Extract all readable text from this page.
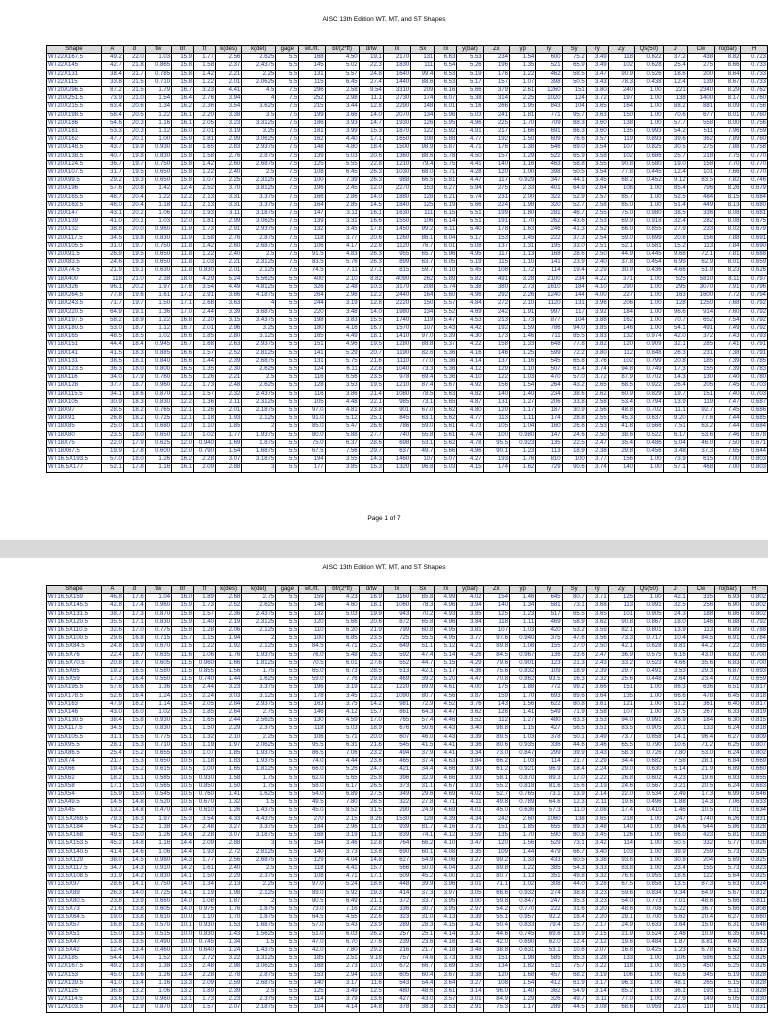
AISC 13th Edition WT, MT, and ST Shapes
Shape	A	d	tw	bf	tf	k(des)	k(det)	gage	wt./ft.	bf/(2*tf)	d/tw	Ix	Sx	rx	y(bar)	Zx	yp	Iy	Sy	ry	Zy	Qs(50)	J	Cw	ro(bar)	H
WT22X167.5	49.2	22.0	1.03	15.9	1.77	2.56	2.625	5.5	168	4.50	19.1	2170	131	6.63	5.53	234	1.54	600	75.2	3.49	118	0.822	37.2	438	8.82	0.723
WT22X145	42.7	21.8	0.865	15.8	1.58	2.37	2.4375	5.5	145	5.02	22.3	1830	111	6.54	5.26	196	1.35	521	65.9	3.49	102	0.628	25.4	275	8.66	0.733
WT22X131	38.4	21.7	0.785	15.8	1.42	2.21	2.25	5.5	131	5.57	24.8	1640	99.4	6.53	5.19	176	1.22	462	58.5	3.47	90.9	0.526	18.6	200	8.64	0.733
WT22X115	33.8	21.5	0.710	15.8	1.22	2.01	2.0625	5.5	115	6.45	27.4	1440	88.6	6.53	5.17	157	1.07	398	50.5	3.43	78.3	0.438	12.4	139	8.67	0.733
WT20X296.5	87.2	21.5	1.79	16.7	3.23	4.41	4.5	7.5	296	2.58	9.54	3310	209	6.16	5.66	379	2.61	1260	151	3.80	240	1.00	221	2340	8.29	0.762
WT20X251.5	73.9	21.0	1.54	16.4	2.76	3.94	4	7.5	252	2.98	11.1	2730	174	6.07	5.38	314	2.25	1020	124	3.72	197	1.00	138	1400	8.17	0.760
WT20X215.5	63.4	20.6	1.34	16.2	2.36	3.54	3.625	7.5	215	3.44	12.8	2290	148	6.01	5.16	266	1.95	843	104	3.65	164	1.00	88.2	881	8.09	0.756
WT20X198.5	58.4	20.5	1.22	16.1	2.20	3.38	3.5	7.5	199	3.66	14.0	2070	134	5.96	5.03	241	1.81	771	95.7	3.63	150	1.00	70.6	677	8.01	0.760
WT20X186	54.6	20.3	1.16	16.1	2.05	3.23	3.3125	7.5	186	3.93	14.7	1930	126	5.95	4.96	225	1.70	709	88.3	3.60	138	1.00	57.7	558	8.00	0.756
WT20X181	53.3	20.3	1.12	16.0	2.01	3.19	3.25	7.5	181	3.99	15.3	1870	122	5.92	4.91	217	1.66	691	86.3	3.60	135	0.993	54.2	511	7.96	0.759
WT20X162	47.7	20.1	1.00	15.9	1.81	2.99	3.0625	7.5	162	4.40	17.1	1650	108	5.88	4.77	192	1.50	609	76.6	3.57	119	0.893	39.6	362	7.89	0.760
WT20X148.5	43.7	19.9	0.930	15.8	1.65	2.83	2.9375	7.5	148	4.80	18.4	1500	98.9	5.87	4.71	176	1.38	546	69.0	3.54	107	0.825	30.5	275	7.88	0.758
WT20X138.5	40.7	19.8	0.830	15.8	1.58	2.76	2.875	7.5	139	5.03	20.6	1360	88.6	5.78	4.50	157	1.29	522	65.9	3.58	102	0.686	25.7	218	7.75	0.770
WT20X124.5	36.7	19.7	0.750	15.8	1.42	2.60	2.6875	7.5	125	5.55	22.8	1210	79.4	5.75	4.41	140	1.16	463	58.8	3.55	90.8	0.580	19.0	158	7.70	0.770
WT20X107.5	31.7	19.5	0.650	15.8	1.22	2.40	2.5	7.5	108	6.45	26.3	1030	68.0	5.71	4.28	120	1.00	398	50.5	3.54	77.8	0.445	12.4	101	7.66	0.770
WT20X99.5	29.2	19.3	0.650	15.8	1.07	2.25	2.3125	7.5	100	7.39	26.3	988	66.5	5.81	4.47	117	0.929	347	44.1	3.45	68.2	0.452	9.12	83.5	7.82	0.746
WT20X196	57.6	20.8	1.42	12.4	2.52	3.70	3.8125	7.5	196	2.45	12.0	2270	153	6.27	5.94	275	2.33	401	64.9	2.64	106	1.00	85.4	796	8.26	0.679
WT20X165.5	48.7	20.4	1.22	12.2	2.13	3.31	3.375	7.5	166	2.86	14.0	1880	128	6.21	5.74	231	2.00	322	52.9	2.57	85.7	1.00	52.5	484	8.15	0.684
WT20X163.5	48.0	20.4	1.18	12.1	2.13	3.31	3.375	7.5	164	2.85	14.5	1840	125	6.19	5.66	224	1.98	320	52.7	2.58	85.0	1.00	51.4	449	8.13	0.680
WT20X147	43.1	20.2	1.06	12.0	1.93	3.11	3.1875	7.5	147	3.11	16.1	1630	111	6.15	5.51	199	1.80	281	46.7	2.55	75.0	0.980	38.5	336	8.08	0.681
WT20X139	41.0	20.1	1.03	12.0	1.81	2.99	3.0625	7.5	139	3.31	16.6	1550	106	6.14	5.51	191	1.70	262	43.6	2.53	69.9	0.918	32.4	282	8.08	0.675
WT20X132	38.8	20.0	0.960	11.9	1.73	2.91	2.9375	7.5	132	3.45	17.8	1450	99.2	6.11	5.40	178	1.63	246	41.3	2.52	66.0	0.855	27.9	233	8.02	0.679
WT20X117.5	34.5	19.8	0.830	11.9	1.58	2.76	2.875	7.5	118	3.77	20.6	1260	86.1	6.04	5.17	153	1.45	222	37.3	2.54	59.0	0.699	20.6	156	7.88	0.691
WT20X105.5	31.0	19.7	0.750	11.8	1.42	2.60	2.6875	7.5	106	4.17	22.8	1120	76.7	6.01	5.08	137	1.31	195	33.0	2.51	52.1	0.581	15.2	113	7.84	0.690
WT20X91.5	26.9	19.5	0.650	11.8	1.22	2.40	2.5	7.5	91.5	4.83	26.3	955	65.7	5.96	4.95	117	1.13	168	28.6	2.50	44.9	0.445	9.68	72.1	7.81	0.688
WT20X83.5	24.6	19.3	0.650	11.8	1.03	2.21	2.3125	7.5	83.5	5.76	26.3	899	63.7	6.05	5.19	115	1.10	141	23.9	2.40	37.8	0.454	6.99	62.9	8.01	0.659
WT20X74.5	21.9	19.1	0.630	11.8	0.830	2.01	2.125	7.5	74.5	7.11	27.1	815	59.7	6.10	5.45	108	1.72	114	19.4	2.29	30.9	0.436	4.66	51.9	8.23	0.626
WT18X400	118	21.0	2.38	18.0	4.29	5.24	5.5625	5.5	400	2.10	8.82	4090	262	5.89	5.82	491	3.28	2100	234	4.22	371	1.00	525	5810	8.11	0.797
WT18X326	96.1	20.2	1.97	17.6	3.54	4.49	4.8125	5.5	326	2.48	10.3	3170	208	5.74	5.38	380	2.73	1610	184	4.10	290	1.00	295	3070	7.91	0.796
WT18X264.5	77.8	19.6	1.61	17.2	2.91	3.86	4.1875	5.5	264	2.96	12.2	2440	164	5.60	4.96	292	2.26	1240	144	4.00	227	1.00	163	1600	7.72	0.794
WT18X243.5	71.7	19.7	1.50	17.1	2.68	3.63	4	5.5	244	3.19	12.8	2220	150	5.57	4.84	272	2.10	1120	131	3.96	206	1.00	128	1250	7.68	0.792
WT18X220.5	64.9	19.1	1.36	17.0	2.44	3.39	3.6875	5.5	220	3.48	14.0	1980	134	5.52	4.69	242	1.91	997	117	3.92	184	1.00	96.6	914	7.60	0.792
WT18X197.5	58.2	18.9	1.22	16.8	2.20	3.15	3.4375	5.5	198	3.83	15.5	1740	119	5.47	4.53	213	1.73	877	104	3.88	162	1.00	70.7	652	7.54	0.792
WT18X180.5	53.0	18.7	1.12	16.7	2.01	2.96	3.25	5.5	180	4.16	16.7	1570	107	5.43	4.42	192	1.59	786	94.0	3.85	146	1.00	54.1	491	7.49	0.792
WT18X165	48.5	18.5	1.02	16.6	1.85	2.80	3.125	5.5	165	4.49	18.1	1410	97.0	5.39	4.30	173	1.46	711	85.5	3.83	132	0.974	42.0	372	7.43	0.793
WT18X151	44.4	18.4	0.945	16.7	1.68	2.63	2.9375	5.5	151	4.96	19.5	1280	88.8	5.37	4.22	158	1.33	648	77.8	3.82	120	0.909	32.1	285	7.41	0.791
WT18X141	41.5	18.3	0.885	16.6	1.57	2.52	2.8125	5.5	141	5.29	20.7	1190	82.6	5.36	4.16	146	1.25	599	72.2	3.80	112	0.848	26.3	231	7.38	0.791
WT18X131	38.5	18.1	0.840	16.6	1.44	2.39	2.6875	5.5	131	5.75	21.6	1110	77.0	5.36	4.14	137	1.16	545	65.8	3.76	102	0.799	20.8	185	7.39	0.785
WT18X123.5	36.3	18.0	0.800	16.5	1.35	2.30	2.625	5.5	124	6.11	22.6	1040	73.3	5.36	4.12	129	1.10	507	61.4	3.74	94.8	0.749	17.3	155	7.39	0.783
WT18X116	34.0	17.9	0.760	16.5	1.26	2.21	2.5	5.5	116	6.56	23.5	978	69.4	5.36	4.10	122	1.03	470	57.0	3.72	87.9	0.702	14.3	130	7.40	0.780
WT18X128	37.7	18.7	0.960	12.2	1.73	2.48	2.625	5.5	128	3.53	19.5	1210	87.4	5.67	4.92	156	1.54	264	43.2	2.65	68.5	0.922	26.4	205	7.45	0.703
WT18X115.5	34.1	18.6	0.870	12.1	1.57	2.32	2.4375	5.5	116	3.86	21.4	1080	78.5	5.63	4.82	140	1.40	234	38.6	2.62	60.9	0.829	19.7	151	7.40	0.703
WT18X105	30.9	18.3	0.830	12.2	1.36	2.11	2.3125	5.5	105	4.48	22.1	985	73.1	5.65	4.87	131	1.27	206	33.8	2.58	53.4	0.794	13.9	119	7.47	0.687
WT18X97	28.5	18.2	0.765	12.1	1.26	2.01	2.1875	5.5	97.0	4.81	23.8	901	67.0	5.62	4.80	120	1.17	187	30.9	2.56	48.8	0.702	11.1	92.7	7.45	0.686
WT18X91	26.8	18.2	0.725	12.1	1.18	1.93	2.125	5.5	91.0	5.12	25.1	845	63.1	5.62	4.77	113	1.11	174	28.8	2.55	45.3	0.637	9.20	77.6	7.44	0.685
WT18X85	25.0	18.1	0.680	12.0	1.10	1.85	2	5.5	85.0	5.47	26.6	786	59.0	5.61	4.73	105	1.04	160	26.6	2.53	41.8	0.566	7.51	63.2	7.44	0.684
WT18X80	23.5	18.0	0.650	12.0	1.02	1.77	1.9375	5.5	80.0	5.88	27.7	740	55.8	5.61	4.74	100	0.980	147	24.6	2.50	38.6	0.522	6.17	53.6	7.46	0.678
WT18X75	22.0	17.9	0.625	12.0	0.940	1.69	1.875	5.5	75.0	6.37	28.6	698	53.1	5.62	4.78	95.5	0.923	135	22.5	2.47	35.4	0.486	5.04	46.0	7.50	0.671
WT18X67.5	19.9	17.8	0.600	12.0	0.790	1.54	1.6875	5.5	67.5	7.56	29.7	637	49.7	5.66	4.96	90.1	1.23	113	18.9	2.38	29.8	0.456	3.48	37.3	7.65	0.644
WT16.5X193.5	57.0	18.0	1.26	16.2	2.28	3.07	3.1875	5.5	194	3.55	14.3	1460	107	5.07	4.27	193	1.76	810	100	3.77	156	1.00	73.9	615	7.00	0.803
WT16.5X177	52.1	17.8	1.16	16.1	2.09	2.88	3	5.5	177	3.85	15.3	1320	96.8	5.03	4.15	174	1.62	729	90.6	3.74	140	1.00	57.1	468	7.00	0.803
Page 1 of 7
AISC 13th Edition WT, MT, and ST Shapes
Shape	A	d	tw	bf	tf	k(des)	k(det)	gage	wt./ft.	bf/(2*tf)	d/tw	Ix	Sx	rx	y(bar)	Zx	yp	Iy	Sy	ry	Zy	Qs(50)	J	Cw	ro(bar)	H
WT16.5X159	46.8	17.6	1.04	16.0	1.89	2.68	2.75	5.5	159	4.23	16.9	1160	85.8	4.99	4.02	154	1.46	645	80.7	3.71	125	1.00	42.1	335	6.93	0.802
WT16.5X145.5	42.8	17.4	0.960	15.9	1.73	2.52	2.625	5.5	146	4.60	18.1	1060	78.3	4.96	3.94	140	1.34	581	73.1	3.68	113	0.991	32.5	256	6.90	0.802
WT16.5X131.5	38.7	17.3	0.870	15.8	1.57	2.36	2.4375	5.5	132	5.03	19.9	943	70.2	4.93	3.85	125	1.23	517	65.5	3.65	101	0.905	24.3	188	6.86	0.802
WT16.5X120.5	35.5	17.1	0.830	15.9	1.40	2.19	2.3125	5.5	120	5.66	20.6	872	65.8	4.96	3.84	118	1.11	469	58.9	3.62	90.8	0.867	18.0	146	6.88	0.792
WT16.5X110.5	32.6	17.0	0.775	15.8	1.28	2.06	2.125	5.5	110	6.20	21.9	799	60.8	4.95	3.81	107	1.03	420	53.2	3.59	82.1	0.801	13.9	113	6.89	0.788
WT16.5X100.5	29.6	16.8	0.715	15.7	1.15	1.94	2	5.5	100	6.85	23.5	725	55.5	4.95	3.77	97.6	0.940	375	47.6	3.56	73.3	0.717	10.4	84.5	6.91	0.784
WT16.5X84.5	24.8	16.9	0.670	11.5	1.22	1.92	2.125	5.5	84.5	4.71	25.2	649	51.1	5.12	4.21	89.8	1.08	155	27.0	2.50	42.1	0.628	8.81	44.2	7.22	0.665
WT16.5X76	22.4	16.7	0.635	11.6	1.06	1.76	1.9375	5.5	76.0	5.48	26.3	592	47.4	5.14	4.26	84.5	0.967	136	23.6	2.47	36.9	0.575	6.16	43.0	6.82	0.700
WT16.5X70.5	20.8	16.7	0.605	11.5	0.960	1.66	1.8125	5.5	70.5	6.01	27.6	552	44.7	5.15	4.29	79.6	0.901	123	21.3	2.43	33.2	0.523	4.66	35.6	6.83	0.700
WT16.5X65	19.2	16.5	0.580	11.5	0.855	1.56	1.75	5.5	65.0	6.73	28.5	513	42.1	5.17	4.36	75.6	0.832	109	18.9	2.39	29.7	0.491	3.53	29.3	6.87	0.693
WT16.5X59	17.3	16.4	0.550	11.5	0.740	1.44	1.625	5.5	59.0	7.76	29.8	469	39.2	5.20	4.47	70.8	0.862	93.5	16.3	2.32	25.6	0.448	2.64	23.4	7.02	0.659
WT15X195.5	57.6	16.6	1.36	15.6	2.44	3.23	3.375	5.5	196	3.19	12.2	1220	89.9	4.61	4.00	175	1.88	772	99.2	3.66	151	1.00	86.3	636	6.51	0.817
WT15X178.5	52.6	16.4	1.24	15.5	2.24	3.03	3.125	5.5	178	3.45	13.2	1090	80.7	4.56	3.87	159	1.70	693	89.6	3.64	135	1.00	66.6	478	6.45	0.818
WT15X163	47.9	16.2	1.14	15.4	2.05	2.84	2.9375	5.5	163	3.75	14.2	981	72.9	4.52	3.76	143	1.56	622	80.8	3.61	121	1.00	51.2	361	6.40	0.817
WT15X146	43.0	16.0	1.02	15.3	1.85	2.64	2.75	5.5	146	4.12	15.7	861	64.3	4.47	3.62	126	1.41	549	71.9	3.58	107	1.00	37.5	267	6.33	0.819
WT15X130.5	38.4	15.8	0.930	15.2	1.65	2.44	2.5625	5.5	130	4.59	17.0	765	57.4	4.46	3.52	112	1.27	480	63.3	3.53	94.0	0.991	26.9	184	6.30	0.815
WT15X117.5	34.5	15.7	0.830	15.1	1.50	2.29	2.375	5.5	118	5.03	18.9	676	50.6	4.43	3.40	98.8	1.15	427	56.5	3.51	83.5	0.905	20.1	133	6.24	0.818
WT15X105.5	31.1	15.5	0.775	15.1	1.32	2.10	2.25	5.5	106	5.71	20.0	607	46.0	4.43	3.39	89.5	1.03	378	50.1	3.49	73.7	0.858	14.1	96.4	6.27	0.809
WT15X95.5	28.1	15.3	0.710	15.0	1.19	1.97	2.0625	5.5	95.5	6.31	21.6	545	41.5	4.41	3.36	80.6	0.935	336	44.6	3.46	65.5	0.790	10.6	71.2	6.25	0.807
WT15X86.5	25.4	15.2	0.655	15.0	1.07	1.85	1.9375	5.5	86.5	7.06	23.2	494	37.9	4.41	3.34	73.0	0.847	299	39.9	3.43	58.3	0.726	7.80	53.0	6.24	0.802
WT15X74	21.7	15.3	0.650	10.5	1.18	1.83	1.9375	5.5	74.0	4.44	23.6	465	37.4	4.63	3.84	66.2	1.03	114	21.7	2.29	34.4	0.682	7.58	28.1	6.84	0.669
WT15X66	19.4	15.2	0.615	10.5	1.00	1.65	1.8125	5.5	66.0	5.26	24.7	421	34.4	4.66	3.90	61.2	0.921	96.9	18.4	2.24	29.0	0.630	5.14	21.9	6.89	0.660
WT15X62	18.2	15.1	0.585	10.5	0.930	1.58	1.75	5.5	62.0	5.65	25.8	396	32.9	4.66	3.93	58.1	0.870	89.3	17.0	2.22	26.8	0.602	4.23	19.6	6.93	0.655
WT15X58	17.1	15.0	0.565	10.5	0.850	1.50	1.75	5.5	58.0	6.17	26.5	373	31.1	4.67	3.93	55.2	0.818	81.6	15.6	2.19	24.6	0.567	3.21	20.5	6.24	0.683
WT15X54	15.9	15.0	0.545	10.5	0.760	1.41	1.625	5.5	54.0	6.89	27.5	349	29.6	4.69	4.02	52.7	0.765	73.1	13.9	2.14	22.0	0.534	2.49	17.3	6.99	0.646
WT15X49.5	14.5	14.8	0.520	10.5	0.670	1.32	1.5	5.5	49.5	7.80	28.5	322	27.8	4.71	4.11	49.8	0.789	64.6	12.3	2.11	19.6	0.496	1.88	14.3	7.06	0.633
WT15X45	13.2	14.8	0.470	10.4	0.610	1.26	1.4375	5.5	45.0	8.52	31.5	290	24.9	4.69	4.01	45.0	0.636	57.3	11.0	2.08	17.4	0.410	1.46	10.5	7.01	0.634
WT13.5X269.5	79.3	16.3	1.97	15.3	3.54	4.33	4.4375	5.5	270	2.15	8.26	1530	128	4.39	4.34	242	2.60	1060	138	3.65	218	1.00	247	1740	6.26	0.831
WT13.5X184	54.2	15.2	1.38	14.7	2.48	3.27	3.375	5.5	184	2.96	11.0	939	81.7	4.16	3.71	151	1.85	655	89.3	3.48	140	1.00	84.6	544	5.86	0.828
WT13.5X168	49.5	15.0	1.26	14.6	2.28	3.07	3.1875	5.5	168	3.19	11.9	839	74.1	4.12	3.59	135	1.70	590	80.8	3.45	126	1.00	66.0	423	5.81	0.828
WT13.5X153.5	45.2	14.8	1.16	14.4	2.09	2.88	3	5.5	154	3.46	12.8	764	66.2	4.10	3.47	120	1.56	529	73.1	3.42	114	1.00	50.5	332	5.77	0.826
WT13.5X140.5	41.4	14.6	1.06	14.4	1.93	2.72	2.8125	5.5	140	3.73	13.8	690	60.1	4.08	3.35	109	1.44	479	66.7	3.40	103	1.00	39.9	259	5.73	0.825
WT13.5X129	38.0	14.5	0.980	14.3	1.77	2.56	2.6875	5.5	129	4.04	14.8	627	54.9	4.06	3.27	99.2	1.33	433	60.5	3.38	93.6	1.00	30.8	204	5.69	0.825
WT13.5X117.5	34.7	14.3	0.910	14.2	1.61	2.40	2.5	5.5	118	4.41	15.7	566	50.0	4.04	3.20	89.8	1.22	385	54.3	3.33	83.8	1.00	23.4	155	5.73	0.823
WT13.5X108.5	31.9	14.2	0.830	14.1	1.50	2.29	2.375	5.5	108	4.71	17.1	509	45.2	4.00	3.11	80.7	1.13	351	49.8	3.32	76.6	0.955	18.6	122	5.64	0.825
WT13.5X97	28.6	14.1	0.750	14.0	1.34	2.13	2.25	5.5	97.0	5.24	18.8	448	39.9	3.96	3.01	71.1	1.02	308	44.0	3.28	67.5	0.858	13.5	87.3	5.63	0.824
WT13.5X89	26.3	14.0	0.725	14.1	1.19	1.98	2.125	5.5	89.0	5.92	19.3	414	37.3	3.97	3.05	66.6	0.932	274	38.8	3.23	59.6	0.834	9.34	64.9	5.67	0.812
WT13.5X80.5	23.8	13.9	0.660	14.0	1.08	1.87	2	5.5	80.5	6.49	21.1	372	33.7	3.95	3.00	59.8	0.847	247	35.3	3.23	54.0	0.773	7.01	48.6	5.66	0.811
WT13.5X73	21.6	13.8	0.605	14.0	0.975	1.76	1.875	5.5	73.0	7.16	22.8	336	30.7	3.95	2.97	54.2	0.770	222	31.6	3.20	48.6	0.708	5.22	36.7	5.66	0.808
WT13.5X64.5	19.0	13.8	0.610	10.0	1.10	1.70	1.875	5.5	64.5	4.55	22.6	323	31.0	4.13	3.39	55.1	0.957	92.2	18.4	2.20	29.1	0.700	5.62	20.4	6.27	0.660
WT13.5X57	16.8	13.6	0.570	10.1	0.930	1.53	1.6875	5.5	57.0	5.43	23.9	289	28.3	4.15	3.42	50.4	0.833	79.4	15.7	2.17	24.9	0.633	3.64	15.0	6.31	0.646
WT13.5X51	15.0	13.5	0.515	10.0	0.830	1.43	1.5625	5.5	51.0	6.03	26.2	257	25.1	4.14	3.37	44.6	0.745	69.6	13.9	2.15	21.9	0.524	2.48	10.9	6.35	0.641
WT13.5X47	13.8	13.5	0.490	10.0	0.745	1.34	1.5	5.5	47.0	6.70	27.6	239	23.6	4.16	3.41	42.0	0.690	62.0	12.4	2.12	19.6	0.484	1.87	8.81	6.40	0.633
WT13.5X42	12.4	13.4	0.460	10.0	0.640	1.24	1.4375	5.5	42.0	7.80	29.2	216	21.7	4.18	3.48	38.8	0.631	53.1	10.6	2.07	16.8	0.425	1.23	6.78	6.52	0.617
WT12X185	54.4	14.0	1.52	13.7	2.72	3.22	3.3125	5.5	185	2.51	9.18	757	74.6	3.73	3.63	151	1.98	585	85.3	3.28	133	1.00	106	596	5.32	0.826
WT12X167.5	49.2	13.8	1.38	13.5	2.48	2.98	3.0625	5.5	168	2.73	10.0	672	66.7	3.69	3.50	134	1.82	511	75.7	3.22	118	1.00	80.5	450	5.25	0.826
WT12X153	45.0	13.6	1.26	13.4	2.28	2.78	2.875	5.5	153	2.94	10.8	605	60.4	3.67	3.38	120	1.68	457	68.2	3.19	106	1.00	62.6	345	5.19	0.828
WT12X139.5	41.0	13.4	1.16	13.3	2.09	2.59	2.6875	5.5	140	3.17	11.6	543	54.4	3.64	3.27	108	1.54	412	61.9	3.17	96.3	1.00	48.1	265	5.15	0.828
WT12X125	36.8	13.2	1.06	13.2	1.89	2.39	2.5	5.5	125	3.49	12.5	480	48.6	3.61	3.14	96.0	1.40	362	54.9	3.14	85.2	1.00	36.1	193	5.11	0.828
WT12X114.5	33.6	13.0	0.960	13.1	1.73	2.23	2.375	5.5	114	3.79	13.6	427	43.0	3.57	3.01	84.9	1.29	326	49.7	3.11	77.0	1.00	27.9	149	5.05	0.830
WT12X103.5	30.4	12.9	0.870	13.0	1.57	2.07	2.1875	5.5	104	4.14	14.8	378	38.3	3.53	2.91	75.3	1.17	289	44.5	3.08	68.6	0.959	21.0	110	5.01	0.831
